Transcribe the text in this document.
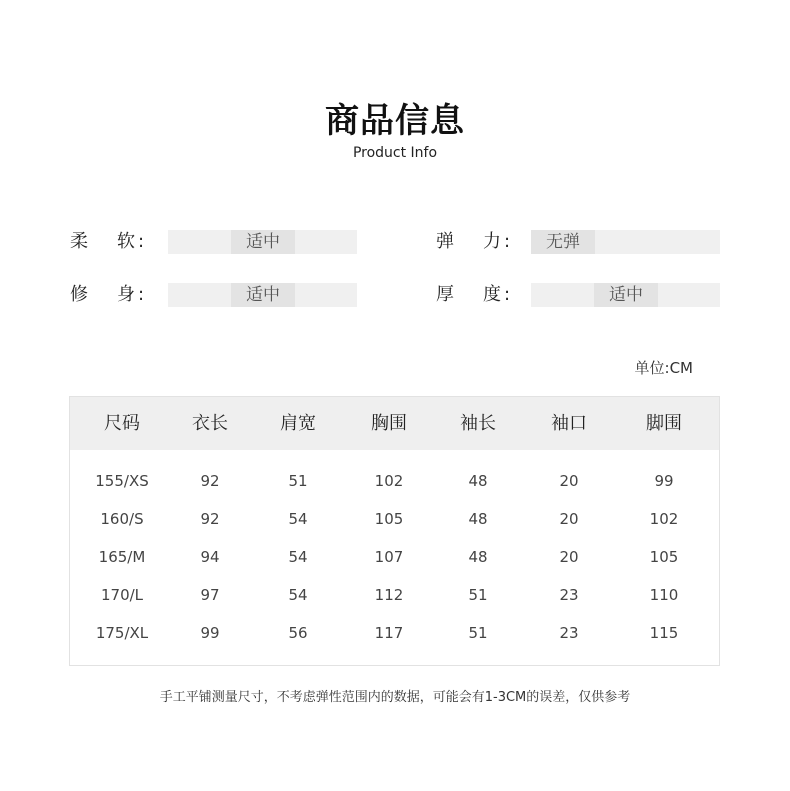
商品信息
Product Info
柔 软 :	适中	弹 力 :	无弹
修 身 :	适中	厚 度 :	适中
单位:CM
尺码	衣长	肩宽	胸围	袖长	袖口	脚围
155/XS	92	51	102	48	20	99
160/S	92	54	105	48	20	102
165/M	94	54	107	48	20	105
170/L	97	54	112	51	23	110
175/XL	99	56	117	51	23	115
手工平铺测量尺寸，不考虑弹性范围内的数据，可能会有1-3CM的误差，仅供参考
